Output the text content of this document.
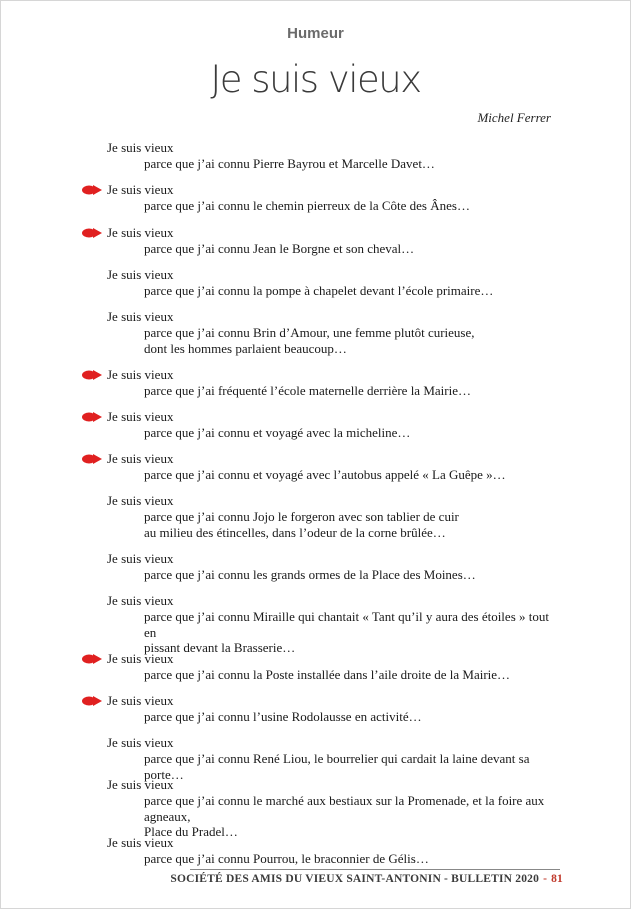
Humeur
Je suis vieux
Michel Ferrer
Je suis vieux
parce que j’ai connu Pierre Bayrou et Marcelle Davet…
Je suis vieux
parce que j’ai connu le chemin pierreux de la Côte des Ânes…
Je suis vieux
parce que j’ai connu Jean le Borgne et son cheval…
Je suis vieux
parce que j’ai connu la pompe à chapelet devant l’école primaire…
Je suis vieux
parce que j’ai connu Brin d’Amour, une femme plutôt curieuse,
dont les hommes parlaient beaucoup…
Je suis vieux
parce que j’ai fréquenté l’école maternelle derrière la Mairie…
Je suis vieux
parce que j’ai connu et voyagé avec la micheline…
Je suis vieux
parce que j’ai connu et voyagé avec l’autobus appelé « La Guêpe »…
Je suis vieux
parce que j’ai connu Jojo le forgeron avec son tablier de cuir
au milieu des étincelles, dans l’odeur de la corne brûlée…
Je suis vieux
parce que j’ai connu les grands ormes de la Place des Moines…
Je suis vieux
parce que j’ai connu Miraille qui chantait « Tant qu’il y aura des étoiles » tout en
pissant devant la Brasserie…
Je suis vieux
parce que j’ai connu la Poste installée dans l’aile droite de la Mairie…
Je suis vieux
parce que j’ai connu l’usine Rodolausse en activité…
Je suis vieux
parce que j’ai connu René Liou, le bourrelier qui cardait la laine devant sa porte…
Je suis vieux
parce que j’ai connu le marché aux bestiaux sur la Promenade, et la foire aux agneaux,
Place du Pradel…
Je suis vieux
parce que j’ai connu Pourrou, le braconnier de Gélis…
SOCIÉTÉ DES AMIS DU VIEUX SAINT-ANTONIN - BULLETIN 2020 - 81
